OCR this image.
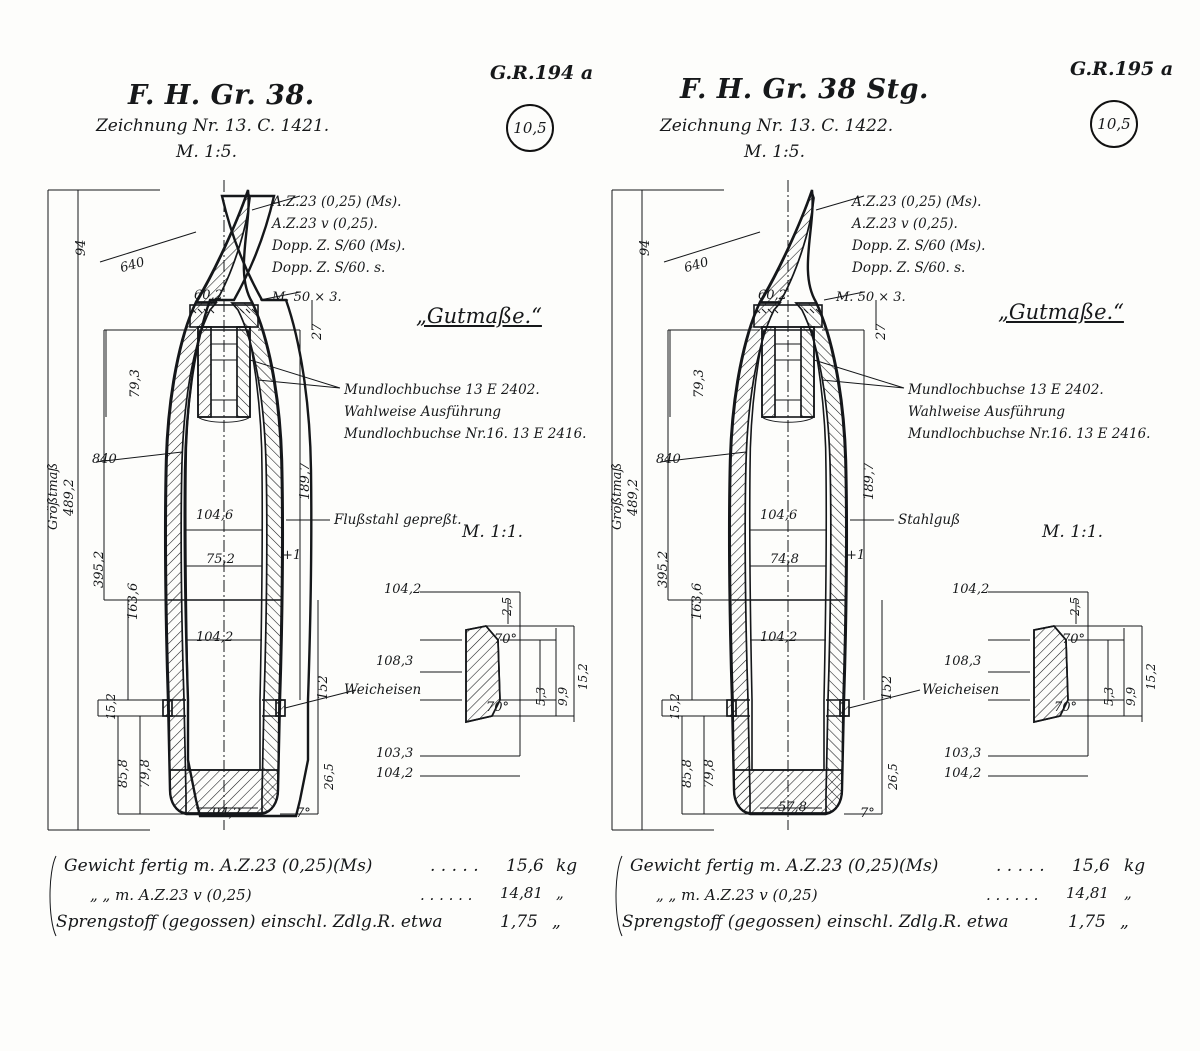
F. H. Gr. 38.
Zeichnung Nr. 13. C. 1421.
M. 1:5.
G.R.194 a
10,5
A.Z.23 (0,25) (Ms).
A.Z.23 v (0,25).
Dopp. Z. S/60 (Ms).
Dopp. Z. S/60. s.
„Gutmaße.“
Mundlochbuchse 13 E 2402.
Wahlweise Ausführung
Mundlochbuchse Nr.16. 13 E 2416.
Flußstahl gepreßt.
Weicheisen
M. 1:1.
Größtmaß 489,2
395,2
94
640
60,2	M. 50 × 3.
27
79,3
840
104,6
104,2
75,2	+1
189,7
163,6
152
15,2
85,8 79,8
94,2	7°
26,5
104,2
108,3
103,3
104,2
70°
70°
2,5
5,3 9,9
15,2
Gewicht fertig m. A.Z.23 (0,25)(Ms)	. . . . . 15,6 kg
„ „ m. A.Z.23 v (0,25)	. . . . . . 14,81 „
Sprengstoff (gegossen) einschl. Zdlg.R. etwa	1,75 „
F. H. Gr. 38 Stg.
Zeichnung Nr. 13. C. 1422.
M. 1:5.
G.R.195 a
10,5
A.Z.23 (0,25) (Ms).
A.Z.23 v (0,25).
Dopp. Z. S/60 (Ms).
Dopp. Z. S/60. s.
„Gutmaße.“
Mundlochbuchse 13 E 2402.
Wahlweise Ausführung
Mundlochbuchse Nr.16. 13 E 2416.
Stahlguß
Weicheisen
M. 1:1.
Größtmaß 489,2
395,2
94
640
60,2	M. 50 × 3.
27
79,3
840
104,6
104,2
74,8	+1
189,7
163,6
152
15,2
85,8 79,8
57,8	7°
26,5
104,2
108,3
103,3
104,2
70°
70°
2,5
5,3 9,9
15,2
Gewicht fertig m. A.Z.23 (0,25)(Ms)	. . . . . 15,6 kg
„ „ m. A.Z.23 v (0,25)	. . . . . . 14,81 „
Sprengstoff (gegossen) einschl. Zdlg.R. etwa	1,75 „
